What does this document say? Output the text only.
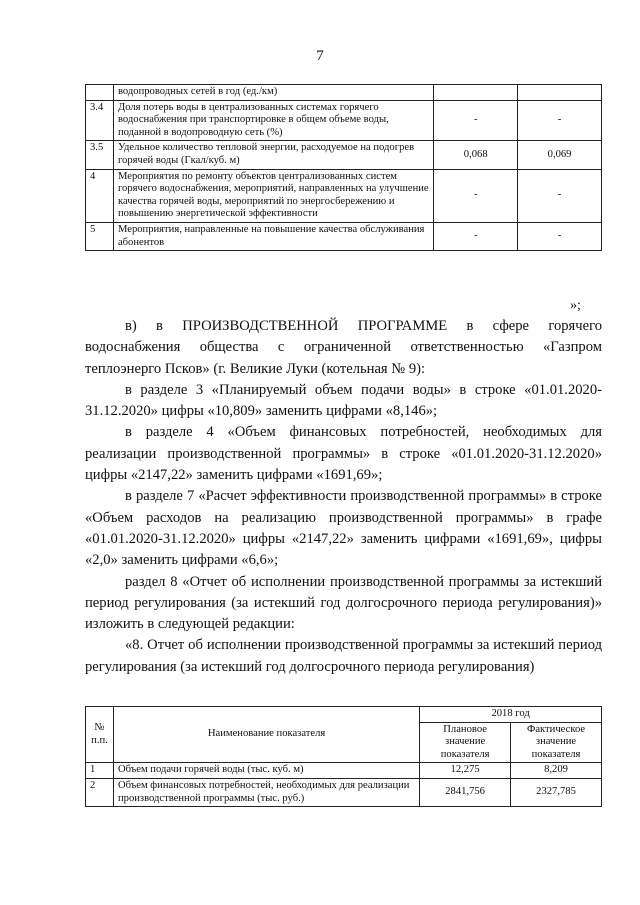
7
	водопроводных сетей в год (ед./км)		
3.4	Доля потерь воды в централизованных системах горячего водоснабжения при транспортировке в общем объеме воды, поданной в водопроводную сеть (%)	-	-
3.5	Удельное количество тепловой энергии, расходуемое на подогрев горячей воды (Гкал/куб. м)	0,068	0,069
4	Мероприятия по ремонту объектов централизованных систем горячего водоснабжения, мероприятий, направленных на улучшение качества горячей воды, мероприятий по энергосбережению и повышению энергетической эффективности	-	-
5	Мероприятия, направленные на повышение качества обслуживания абонентов	-	-
»;

в) в ПРОИЗВОДСТВЕННОЙ ПРОГРАММЕ в сфере горячего водоснабжения общества с ограниченной ответственностью «Газпром теплоэнерго Псков» (г. Великие Луки (котельная № 9):

в разделе 3 «Планируемый объем подачи воды» в строке «01.01.2020-31.12.2020» цифры «10,809» заменить цифрами «8,146»;

в разделе 4 «Объем финансовых потребностей, необходимых для реализации производственной программы» в строке «01.01.2020-31.12.2020» цифры «2147,22» заменить цифрами «1691,69»;

в разделе 7 «Расчет эффективности производственной программы» в строке «Объем расходов на реализацию производственной программы» в графе «01.01.2020-31.12.2020» цифры «2147,22» заменить цифрами «1691,69», цифры «2,0» заменить цифрами «6,6»;

раздел 8 «Отчет об исполнении производственной программы за истекший период регулирования (за истекший год долгосрочного периода регулирования)» изложить в следующей редакции:

«8. Отчет об исполнении производственной программы за истекший период регулирования (за истекший год долгосрочного периода регулирования)

№ п.п.	Наименование показателя	2018 год	
		Плановое значение показателя	Фактическое значение показателя
1	Объем подачи горячей воды (тыс. куб. м)	12,275	8,209
2	Объем финансовых потребностей, необходимых для реализации производственной программы (тыс. руб.)	2841,756	2327,785
